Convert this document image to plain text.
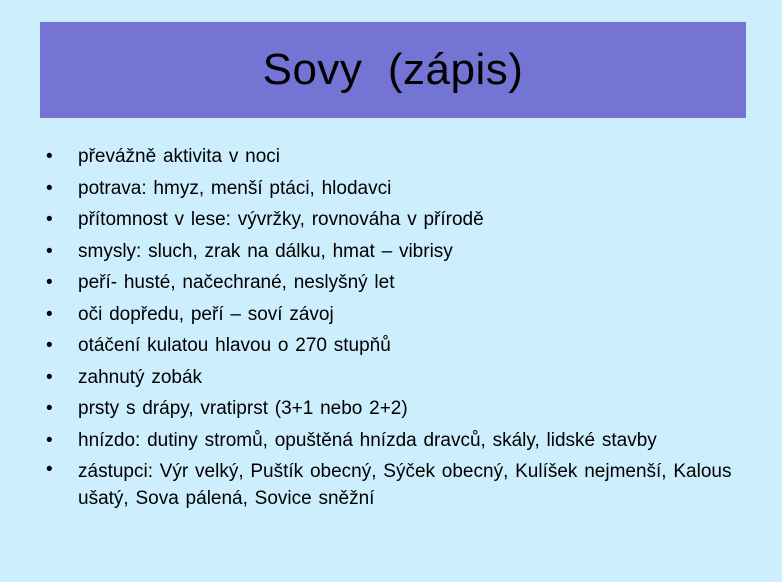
Sovy  (zápis)
• převážně aktivita v noci
• potrava: hmyz, menší ptáci, hlodavci
• přítomnost v lese: vývržky, rovnováha v přírodě
• smysly: sluch, zrak na dálku, hmat – vibrisy
• peří- husté, načechrané, neslyšný let
• oči dopředu, peří – soví závoj
• otáčení kulatou hlavou o 270 stupňů
• zahnutý zobák
• prsty s drápy, vratiprst (3+1 nebo 2+2)
• hnízdo: dutiny stromů, opuštěná hnízda dravců, skály, lidské stavby
• zástupci: Výr velký, Puštík obecný, Sýček obecný, Kulíšek nejmenší, Kalous ušatý, Sova pálená, Sovice sněžní
